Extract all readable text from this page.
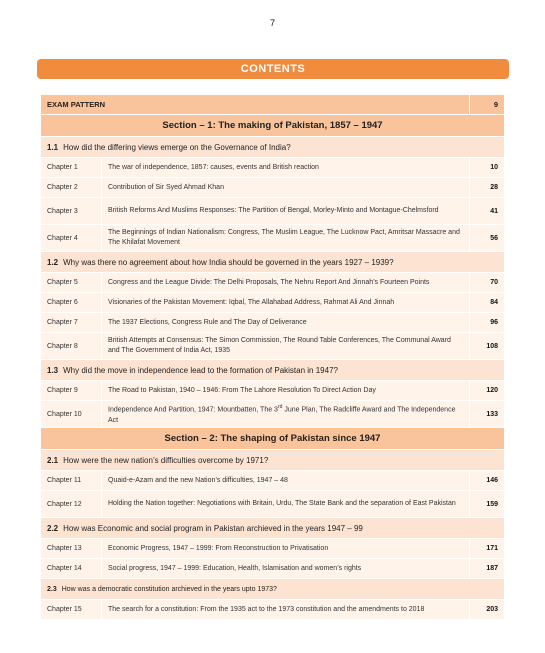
7
CONTENTS
EXAM PATTERN		9
Section – 1: The making of Pakistan, 1857 – 1947		
1.1 How did the differing views emerge on the Governance of India?		
Chapter 1	The war of independence, 1857: causes, events and British reaction	10
Chapter 2	Contribution of Sir Syed Ahmad Khan	28
Chapter 3	British Reforms And Muslims Responses: The Partition of Bengal, Morley-Minto and Montague-Chelmsford	41
Chapter 4	The Beginnings of Indian Nationalism: Congress, The Muslim League, The Lucknow Pact, Amritsar Massacre and The Khilafat Movement	56
1.2 Why was there no agreement about how India should be governed in the years 1927 – 1939?		
Chapter 5	Congress and the League Divide: The Delhi Proposals, The Nehru Report And Jinnah’s Fourteen Points	70
Chapter 6	Visionaries of the Pakistan Movement: Iqbal, The Allahabad Address, Rahmat Ali And Jinnah	84
Chapter 7	The 1937 Elections, Congress Rule and The Day of Deliverance	96
Chapter 8	British Attempts at Consensus: The Simon Commission, The Round Table Conferences, The Communal Award and The Government of India Act, 1935	108
1.3 Why did the move in independence lead to the formation of Pakistan in 1947?		
Chapter 9	The Road to Pakistan, 1940 – 1946: From The Lahore Resolution To Direct Action Day	120
Chapter 10	Independence And Partition, 1947: Mountbatten, The 3rd June Plan, The Radcliffe Award and The Independence Act	133
Section – 2: The shaping of Pakistan since 1947		
2.1 How were the new nation’s difficulties overcome by 1971?		
Chapter 11	Quaid-e-Azam and the new Nation’s difficulties, 1947 – 48	146
Chapter 12	Holding the Nation together: Negotiations with Britain, Urdu, The State Bank and the separation of East Pakistan	159
2.2 How was Economic and social program in Pakistan archieved in the years 1947 – 99		
Chapter 13	Economic Progress, 1947 – 1999: From Reconstruction to Privatisation	171
Chapter 14	Social progress, 1947 – 1999: Education, Health, Islamisation and women’s rights	187
2.3 How was a democratic constitution archieved in the years upto 1973?		
Chapter 15	The search for a constitution: From the 1935 act to the 1973 constitution and the amendments to 2018	203
